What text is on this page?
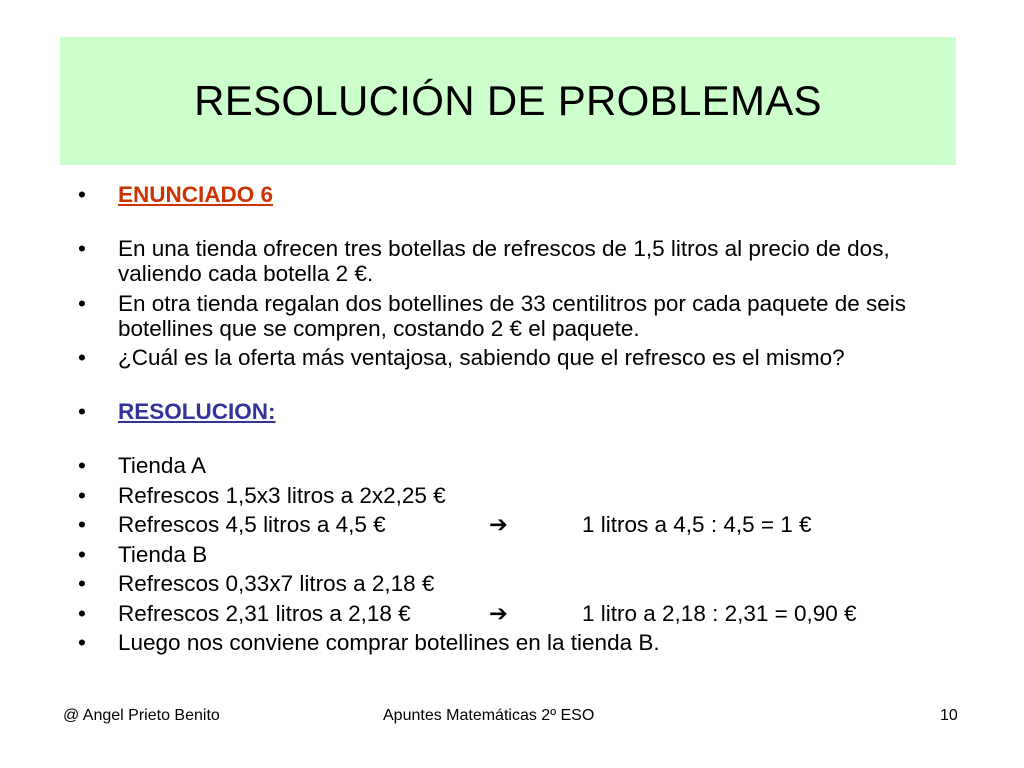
RESOLUCIÓN DE PROBLEMAS
• ENUNCIADO 6
• En una tienda ofrecen tres botellas de refrescos de 1,5 litros al precio de dos, valiendo cada botella 2 €.
• En otra tienda regalan dos botellines de 33 centilitros por cada paquete de seis botellines que se compren, costando 2 € el paquete.
• ¿Cuál es la oferta más ventajosa, sabiendo que el refresco es el mismo?
• RESOLUCION:
• Tienda A
• Refrescos 1,5x3 litros a 2x2,25 €
• Refrescos 4,5 litros a 4,5 €	➔	1 litros a 4,5 : 4,5 = 1 €
• Tienda B
• Refrescos 0,33x7 litros a 2,18 €
• Refrescos 2,31 litros a 2,18 €	➔	1 litro a 2,18 : 2,31 = 0,90 €
• Luego nos conviene comprar botellines en la tienda B.
@ Angel Prieto Benito	Apuntes Matemáticas 2º ESO	10
